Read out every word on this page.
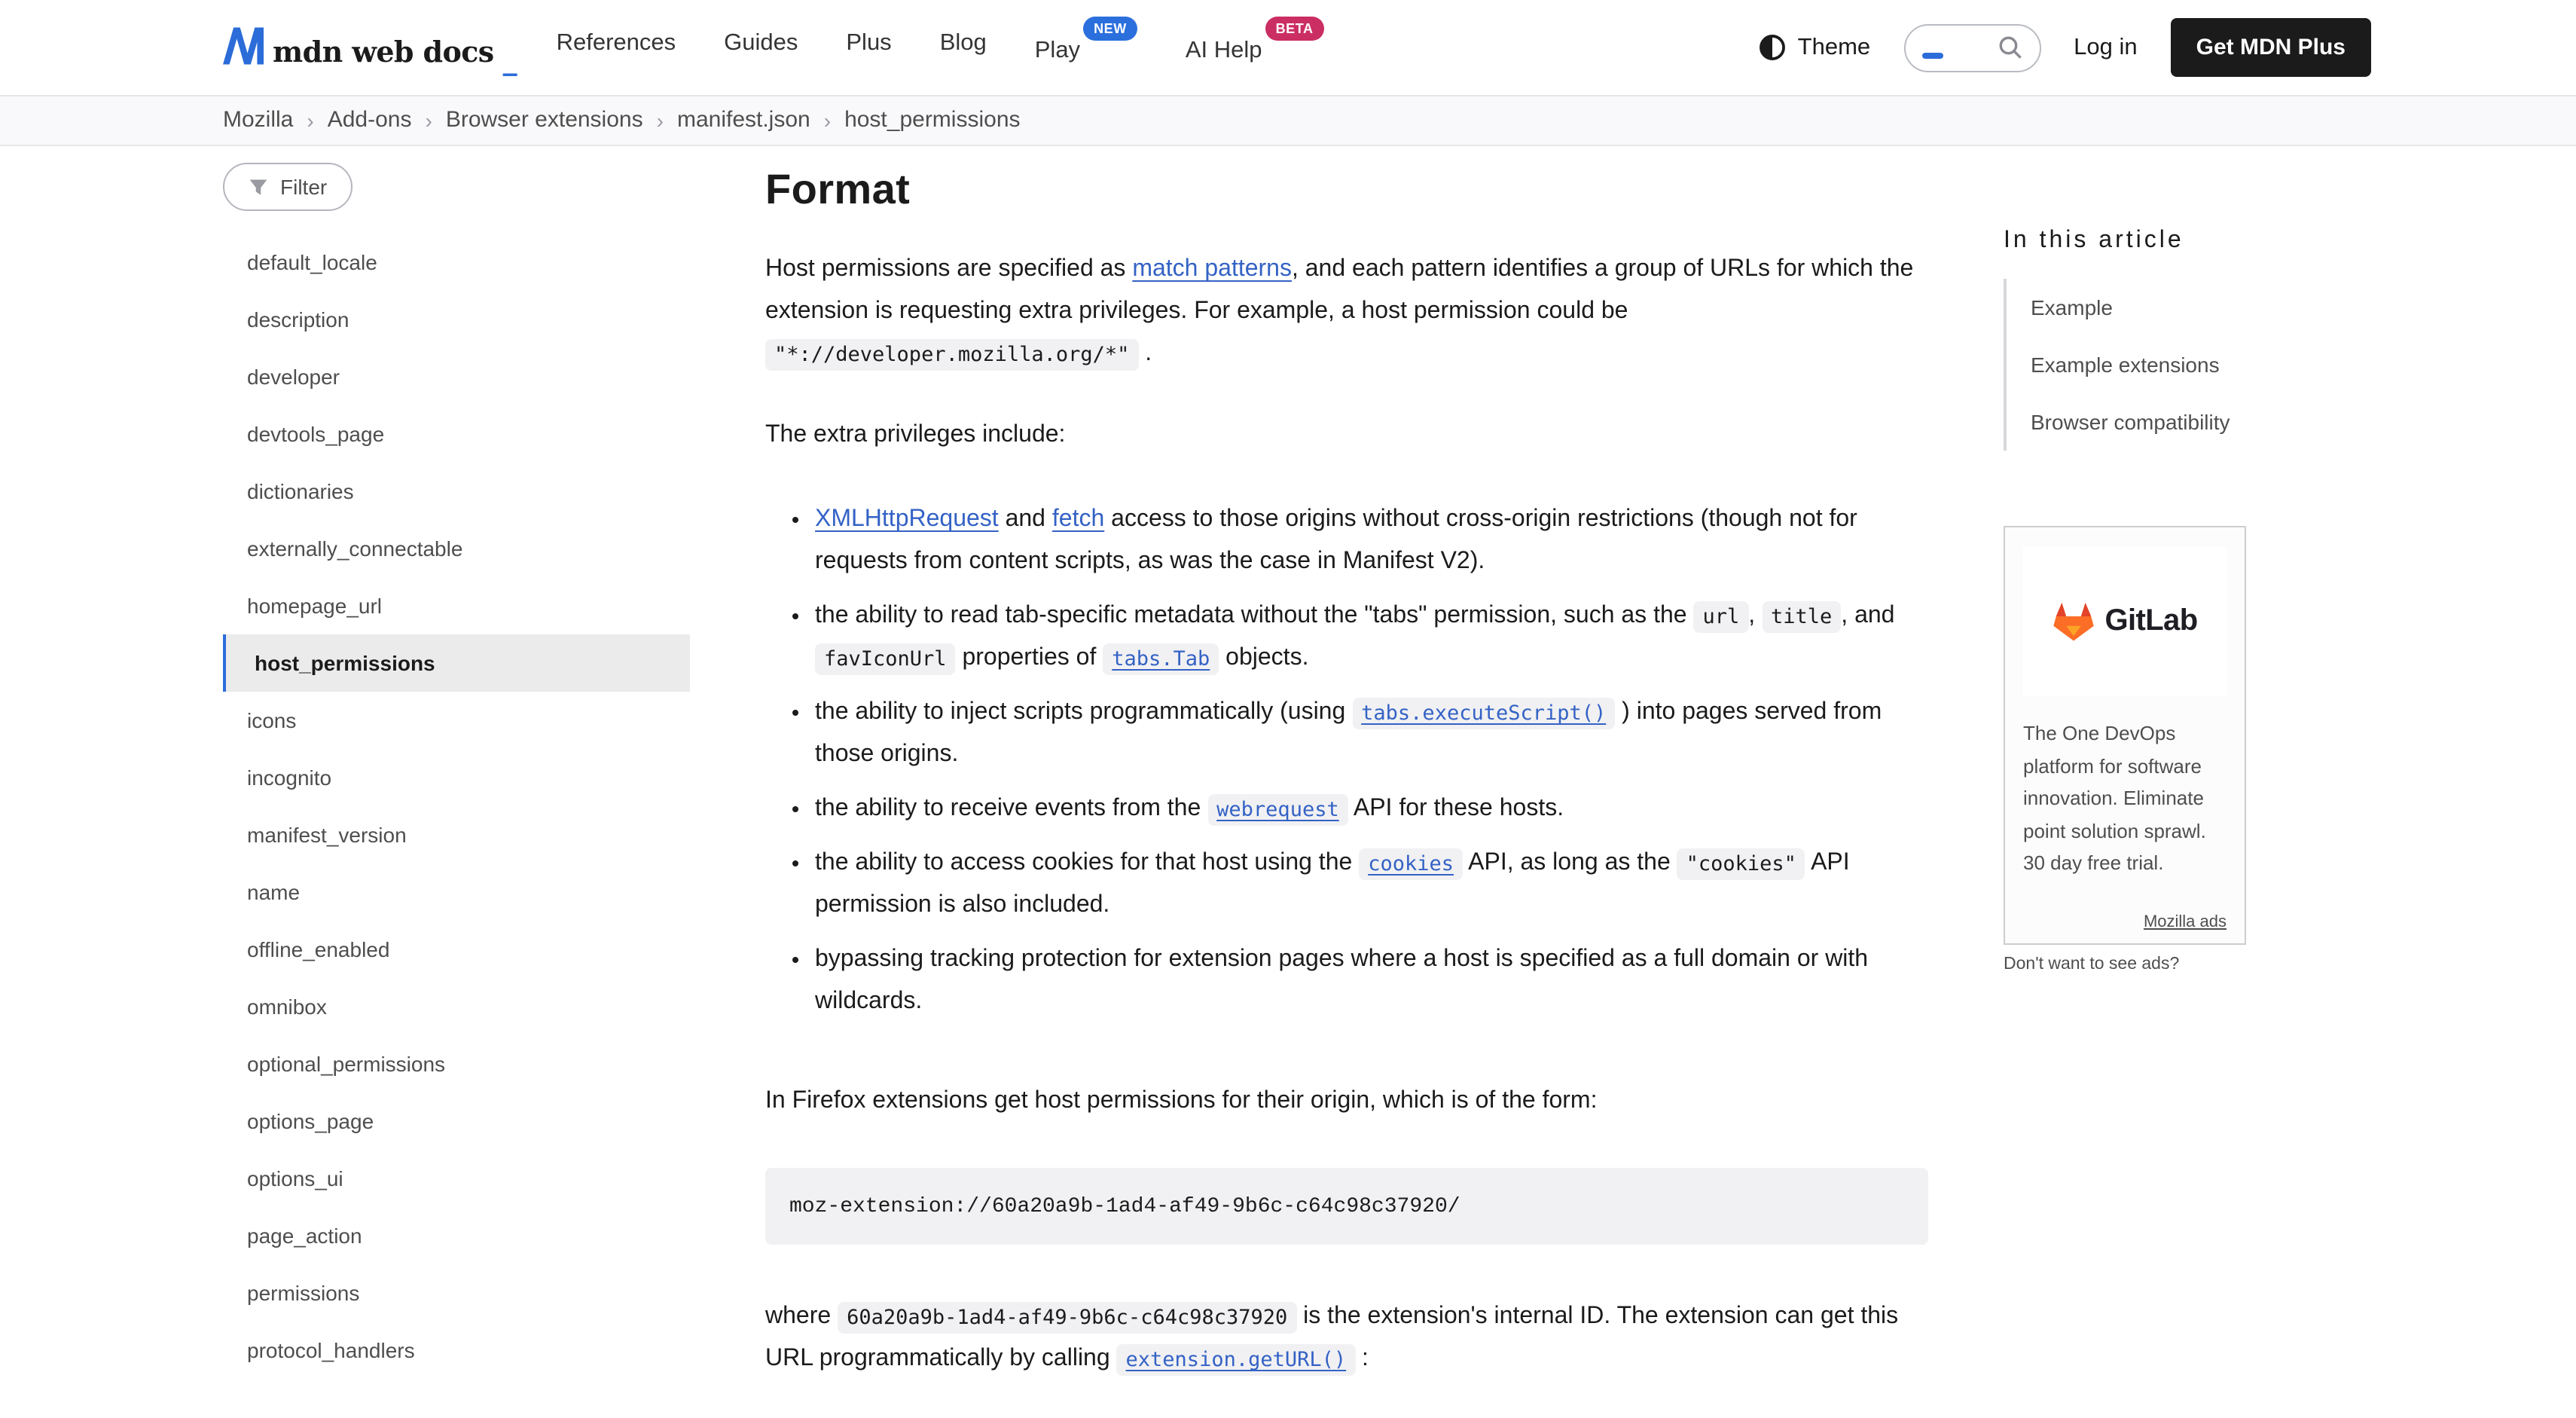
mdn web docs _	References	Guides	Plus	Blog	Play$^{NEW}$
AI Help$^{BETA}$
Theme	Log in	Get MDN Plus
Mozilla › Add-ons › Browser extensions › manifest.json › host_permissions
Filter
default_locale
description
developer
devtools_page
dictionaries
externally_connectable
homepage_url
host_permissions
icons
incognito
manifest_version
name
offline_enabled
omnibox
optional_permissions
options_page
options_ui
page_action
permissions
protocol_handlers
Format

Host permissions are specified as match patterns, and each pattern identifies a group of URLs for which the extension is requesting extra privileges. For example, a host permission could be "*://developer.mozilla.org/*" .

The extra privileges include:

• XMLHttpRequest and fetch access to those origins without cross-origin restrictions (though not for requests from content scripts, as was the case in Manifest V2).
• the ability to read tab-specific metadata without the "tabs" permission, such as the url , title , and favIconUrl properties of tabs.Tab objects.
• the ability to inject scripts programmatically (using tabs.executeScript() ) into pages served from those origins.
• the ability to receive events from the webrequest API for these hosts.
• the ability to access cookies for that host using the cookies API, as long as the "cookies" API permission is also included.
• bypassing tracking protection for extension pages where a host is specified as a full domain or with wildcards.

In Firefox extensions get host permissions for their origin, which is of the form:

moz-extension://60a20a9b-1ad4-af49-9b6c-c64c98c37920/

where 60a20a9b-1ad4-af49-9b6c-c64c98c37920 is the extension's internal ID. The extension can get this URL programmatically by calling extension.getURL() :

In this article
Example
Example extensions
Browser compatibility
GitLab

The One DevOps platform for software innovation. Eliminate point solution sprawl. 30 day free trial.

Mozilla ads
Don't want to see ads?
